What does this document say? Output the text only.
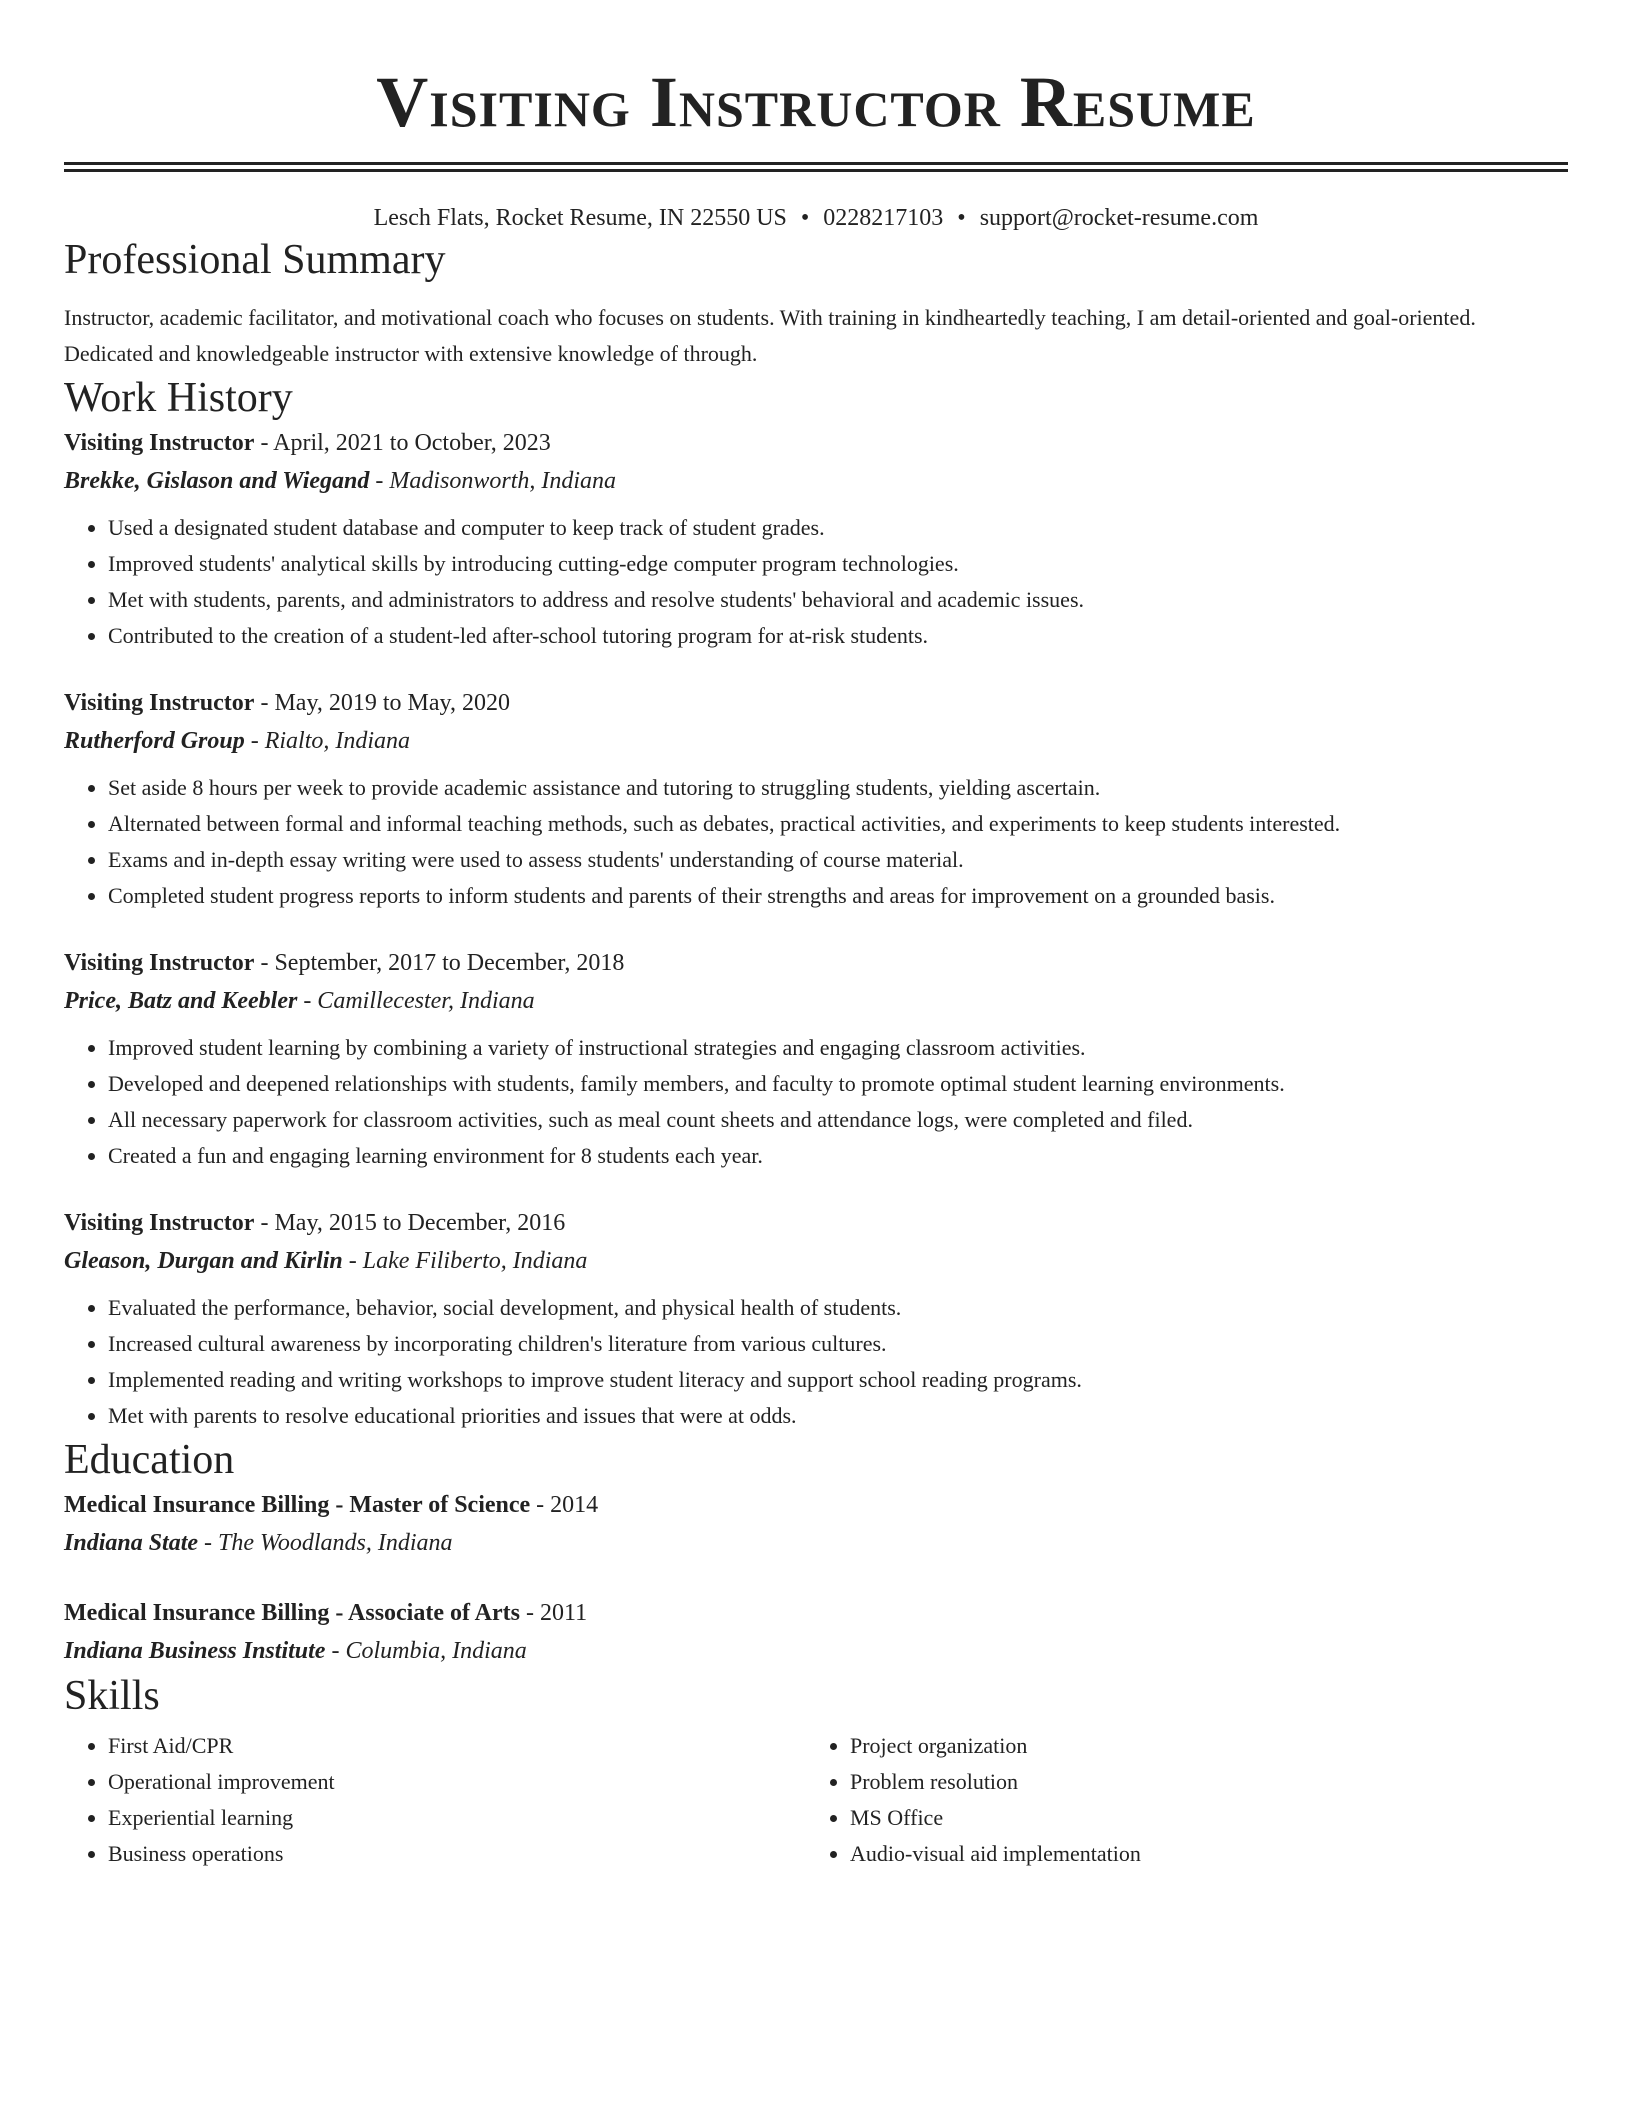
Visiting Instructor Resume
Lesch Flats, Rocket Resume, IN 22550 US • 0228217103 • support@rocket-resume.com
Professional Summary

Instructor, academic facilitator, and motivational coach who focuses on students. With training in kindheartedly teaching, I am detail-oriented and goal-oriented. Dedicated and knowledgeable instructor with extensive knowledge of through.

Work History
Visiting Instructor - April, 2021 to October, 2023
Brekke, Gislason and Wiegand - Madisonworth, Indiana
• Used a designated student database and computer to keep track of student grades.
• Improved students' analytical skills by introducing cutting-edge computer program technologies.
• Met with students, parents, and administrators to address and resolve students' behavioral and academic issues.
• Contributed to the creation of a student-led after-school tutoring program for at-risk students.
Visiting Instructor - May, 2019 to May, 2020
Rutherford Group - Rialto, Indiana
• Set aside 8 hours per week to provide academic assistance and tutoring to struggling students, yielding ascertain.
• Alternated between formal and informal teaching methods, such as debates, practical activities, and experiments to keep students interested.
• Exams and in-depth essay writing were used to assess students' understanding of course material.
• Completed student progress reports to inform students and parents of their strengths and areas for improvement on a grounded basis.
Visiting Instructor - September, 2017 to December, 2018
Price, Batz and Keebler - Camillecester, Indiana
• Improved student learning by combining a variety of instructional strategies and engaging classroom activities.
• Developed and deepened relationships with students, family members, and faculty to promote optimal student learning environments.
• All necessary paperwork for classroom activities, such as meal count sheets and attendance logs, were completed and filed.
• Created a fun and engaging learning environment for 8 students each year.
Visiting Instructor - May, 2015 to December, 2016
Gleason, Durgan and Kirlin - Lake Filiberto, Indiana
• Evaluated the performance, behavior, social development, and physical health of students.
• Increased cultural awareness by incorporating children's literature from various cultures.
• Implemented reading and writing workshops to improve student literacy and support school reading programs.
• Met with parents to resolve educational priorities and issues that were at odds.
Education
Medical Insurance Billing - Master of Science - 2014
Indiana State - The Woodlands, Indiana
Medical Insurance Billing - Associate of Arts - 2011
Indiana Business Institute - Columbia, Indiana
Skills
• First Aid/CPR
• Operational improvement
• Experiential learning
• Business operations
• Project organization
• Problem resolution
• MS Office
• Audio-visual aid implementation
